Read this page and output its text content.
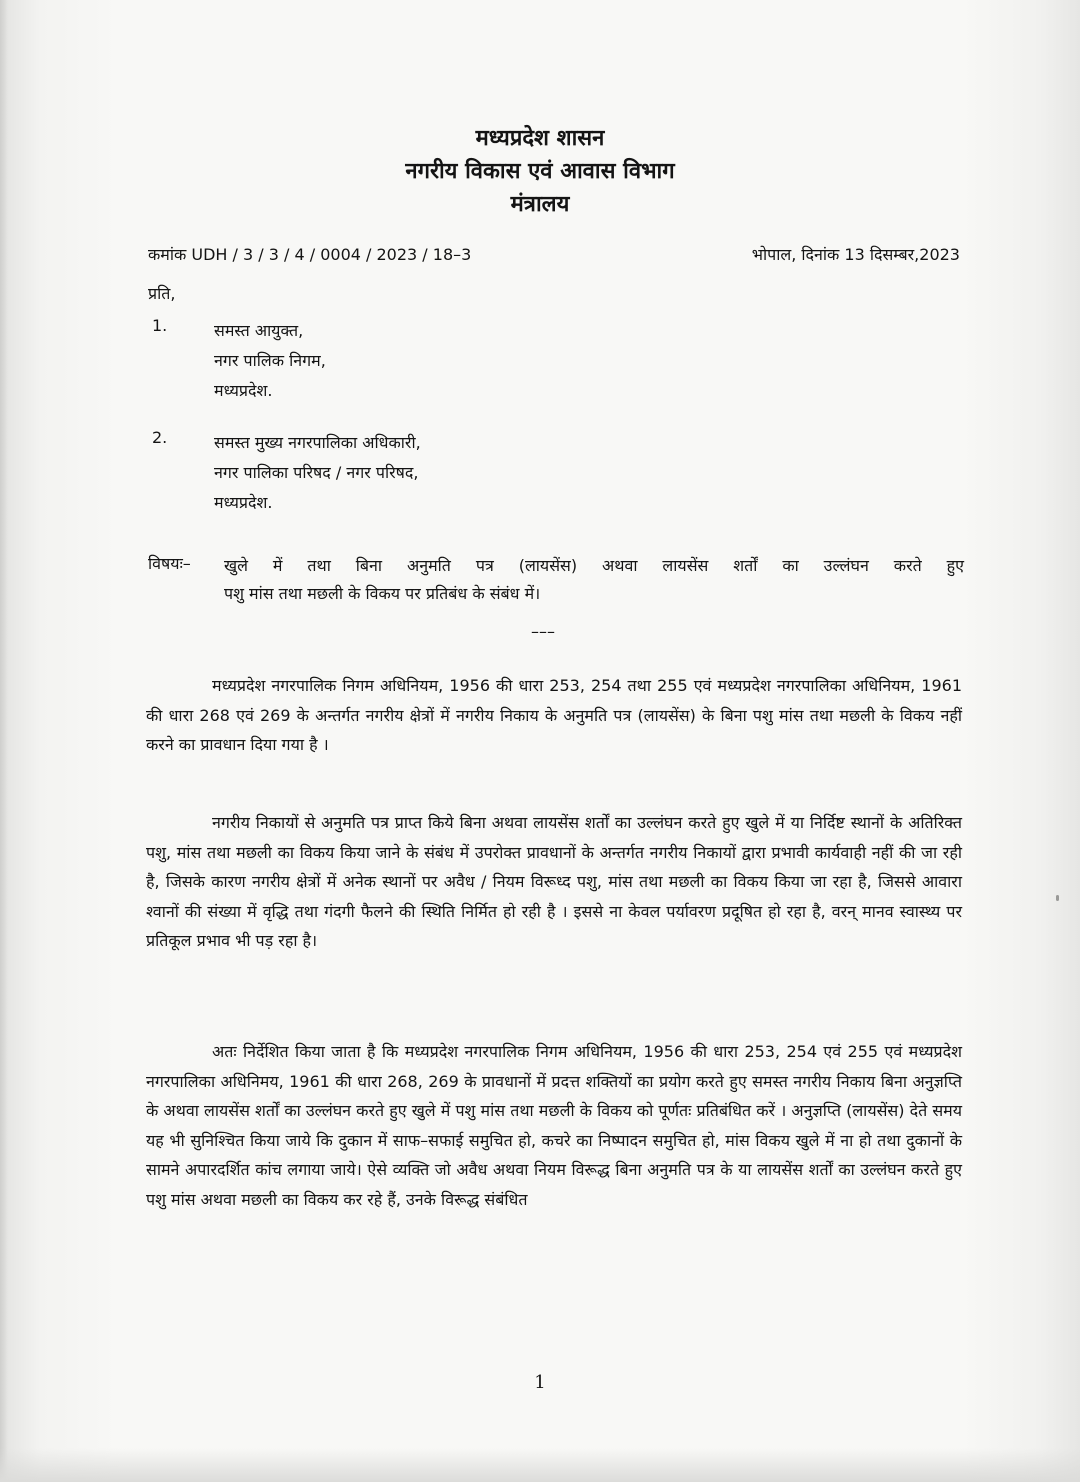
मध्यप्रदेश शासन
नगरीय विकास एवं आवास विभाग
मंत्रालय
कमांक UDH / 3 / 3 / 4 / 0004 / 2023 / 18–3	भोपाल, दिनांक 13 दिसम्बर,2023
प्रति,
1.	समस्त आयुक्त,
नगर पालिक निगम,
मध्यप्रदेश.
2.	समस्त मुख्य नगरपालिका अधिकारी,
नगर पालिका परिषद / नगर परिषद,
मध्यप्रदेश.
विषयः– खुले में तथा बिना अनुमति पत्र (लायसेंस) अथवा लायसेंस शर्तों का उल्लंघन करते हुए
पशु मांस तथा मछली के विकय पर प्रतिबंध के संबंध में।
–––

मध्यप्रदेश नगरपालिक निगम अधिनियम, 1956 की धारा 253, 254 तथा 255 एवं मध्यप्रदेश नगरपालिका अधिनियम, 1961 की धारा 268 एवं 269 के अन्तर्गत नगरीय क्षेत्रों में नगरीय निकाय के अनुमति पत्र (लायसेंस) के बिना पशु मांस तथा मछली के विकय नहीं करने का प्रावधान दिया गया है ।

नगरीय निकायों से अनुमति पत्र प्राप्त किये बिना अथवा लायसेंस शर्तों का उल्लंघन करते हुए खुले में या निर्दिष्ट स्थानों के अतिरिक्त पशु, मांस तथा मछली का विकय किया जाने के संबंध में उपरोक्त प्रावधानों के अन्तर्गत नगरीय निकायों द्वारा प्रभावी कार्यवाही नहीं की जा रही है, जिसके कारण नगरीय क्षेत्रों में अनेक स्थानों पर अवैध / नियम विरूध्द पशु, मांस तथा मछली का विकय किया जा रहा है, जिससे आवारा श्वानों की संख्या में वृद्धि तथा गंदगी फैलने की स्थिति निर्मित हो रही है । इससे ना केवल पर्यावरण प्रदूषित हो रहा है, वरन् मानव स्वास्थ्य पर प्रतिकूल प्रभाव भी पड़ रहा है।

अतः निर्देशित किया जाता है कि मध्यप्रदेश नगरपालिक निगम अधिनियम, 1956 की धारा 253, 254 एवं 255 एवं मध्यप्रदेश नगरपालिका अधिनिमय, 1961 की धारा 268, 269 के प्रावधानों में प्रदत्त शक्तियों का प्रयोग करते हुए समस्त नगरीय निकाय बिना अनुज्ञप्ति के अथवा लायसेंस शर्तों का उल्लंघन करते हुए खुले में पशु मांस तथा मछली के विकय को पूर्णतः प्रतिबंधित करें । अनुज्ञप्ति (लायसेंस) देते समय यह भी सुनिश्चित किया जाये कि दुकान में साफ–सफाई समुचित हो, कचरे का निष्पादन समुचित हो, मांस विकय खुले में ना हो तथा दुकानों के सामने अपारदर्शित कांच लगाया जाये। ऐसे व्यक्ति जो अवैध अथवा नियम विरूद्ध बिना अनुमति पत्र के या लायसेंस शर्तों का उल्लंघन करते हुए पशु मांस अथवा मछली का विकय कर रहे हैं, उनके विरूद्ध संबंधित

1
